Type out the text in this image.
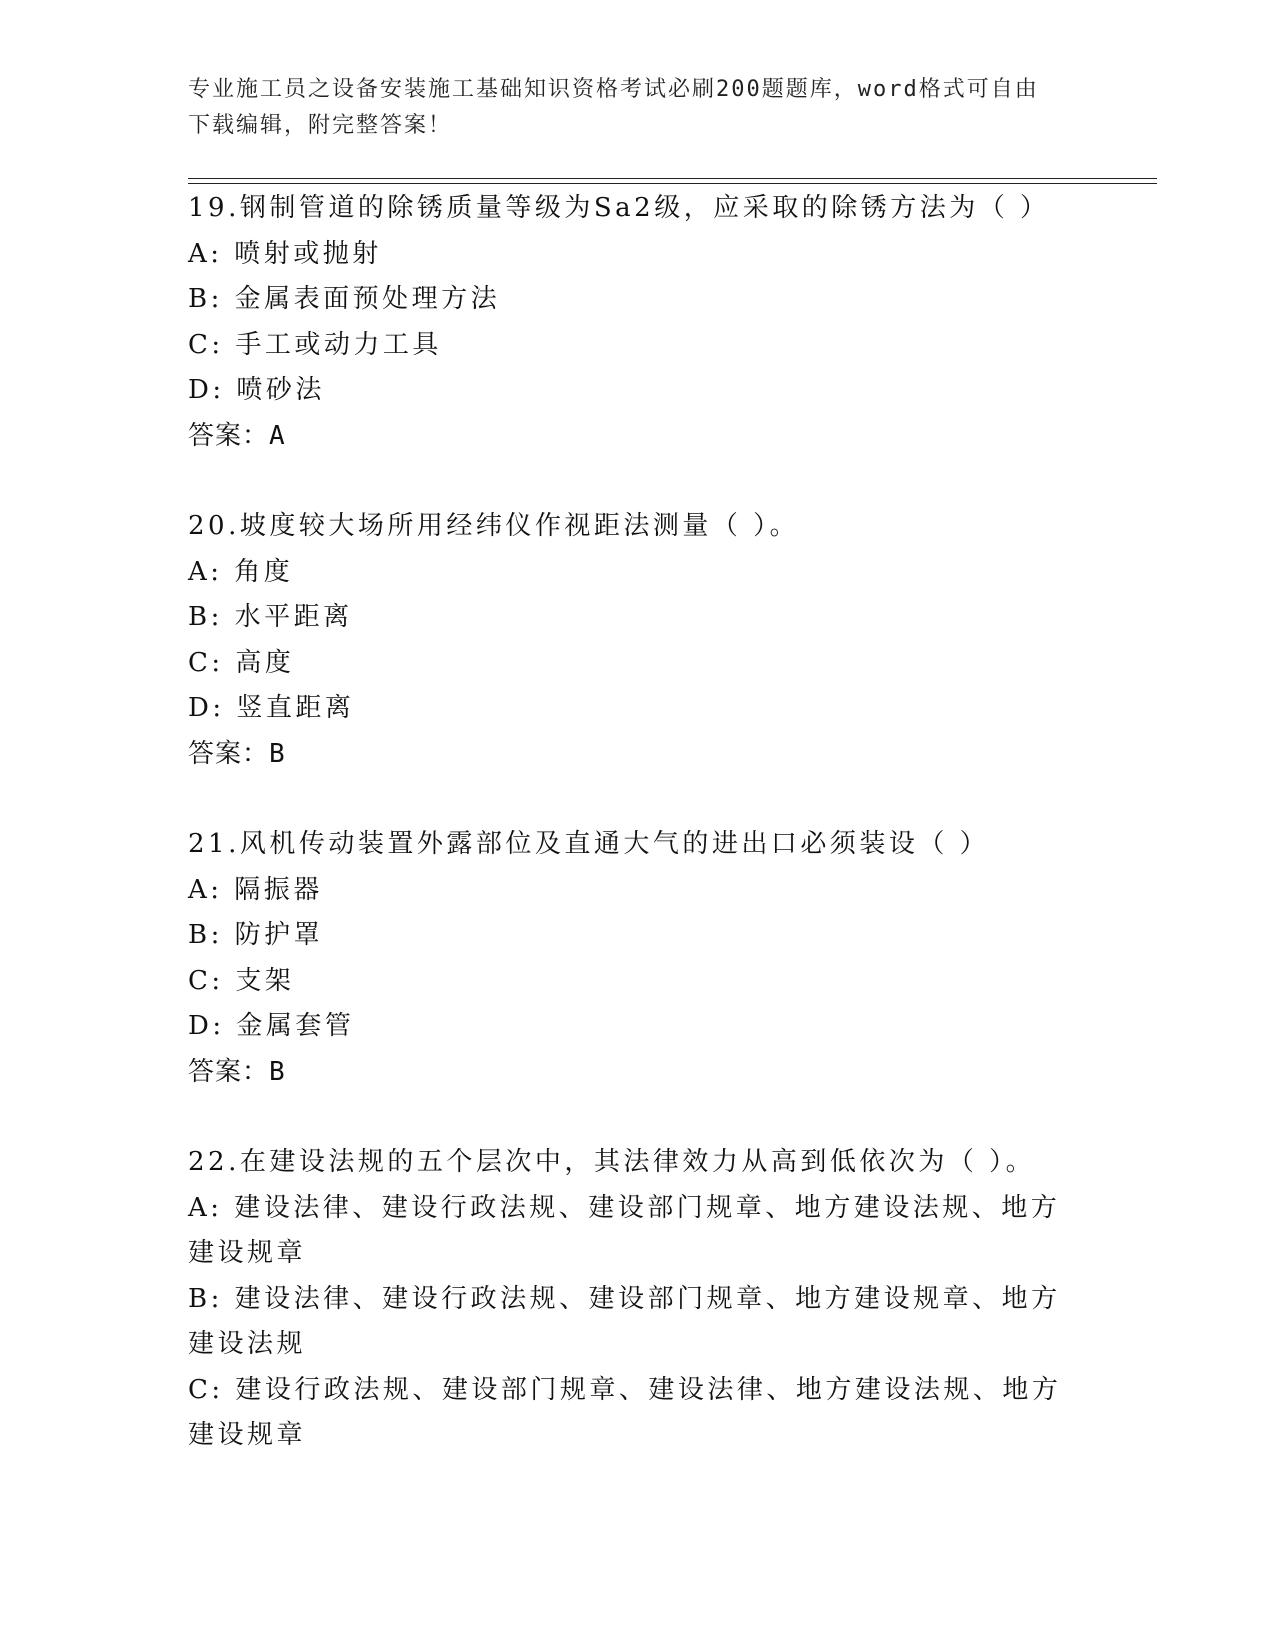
专业施工员之设备安装施工基础知识资格考试必刷200题题库，word格式可自由
下载编辑，附完整答案！

19.钢制管道的除锈质量等级为Sa2级，应采取的除锈方法为（ ）

A: 喷射或抛射

B: 金属表面预处理方法

C: 手工或动力工具

D: 喷砂法

答案：A

20.坡度较大场所用经纬仪作视距法测量（ ）。

A: 角度

B: 水平距离

C: 高度

D: 竖直距离

答案：B

21.风机传动装置外露部位及直通大气的进出口必须装设（ ）

A: 隔振器

B: 防护罩

C: 支架

D: 金属套管

答案：B

22.在建设法规的五个层次中，其法律效力从高到低依次为（ ）。

A: 建设法律、建设行政法规、建设部门规章、地方建设法规、地方建设规章

B: 建设法律、建设行政法规、建设部门规章、地方建设规章、地方建设法规

C: 建设行政法规、建设部门规章、建设法律、地方建设法规、地方建设规章
